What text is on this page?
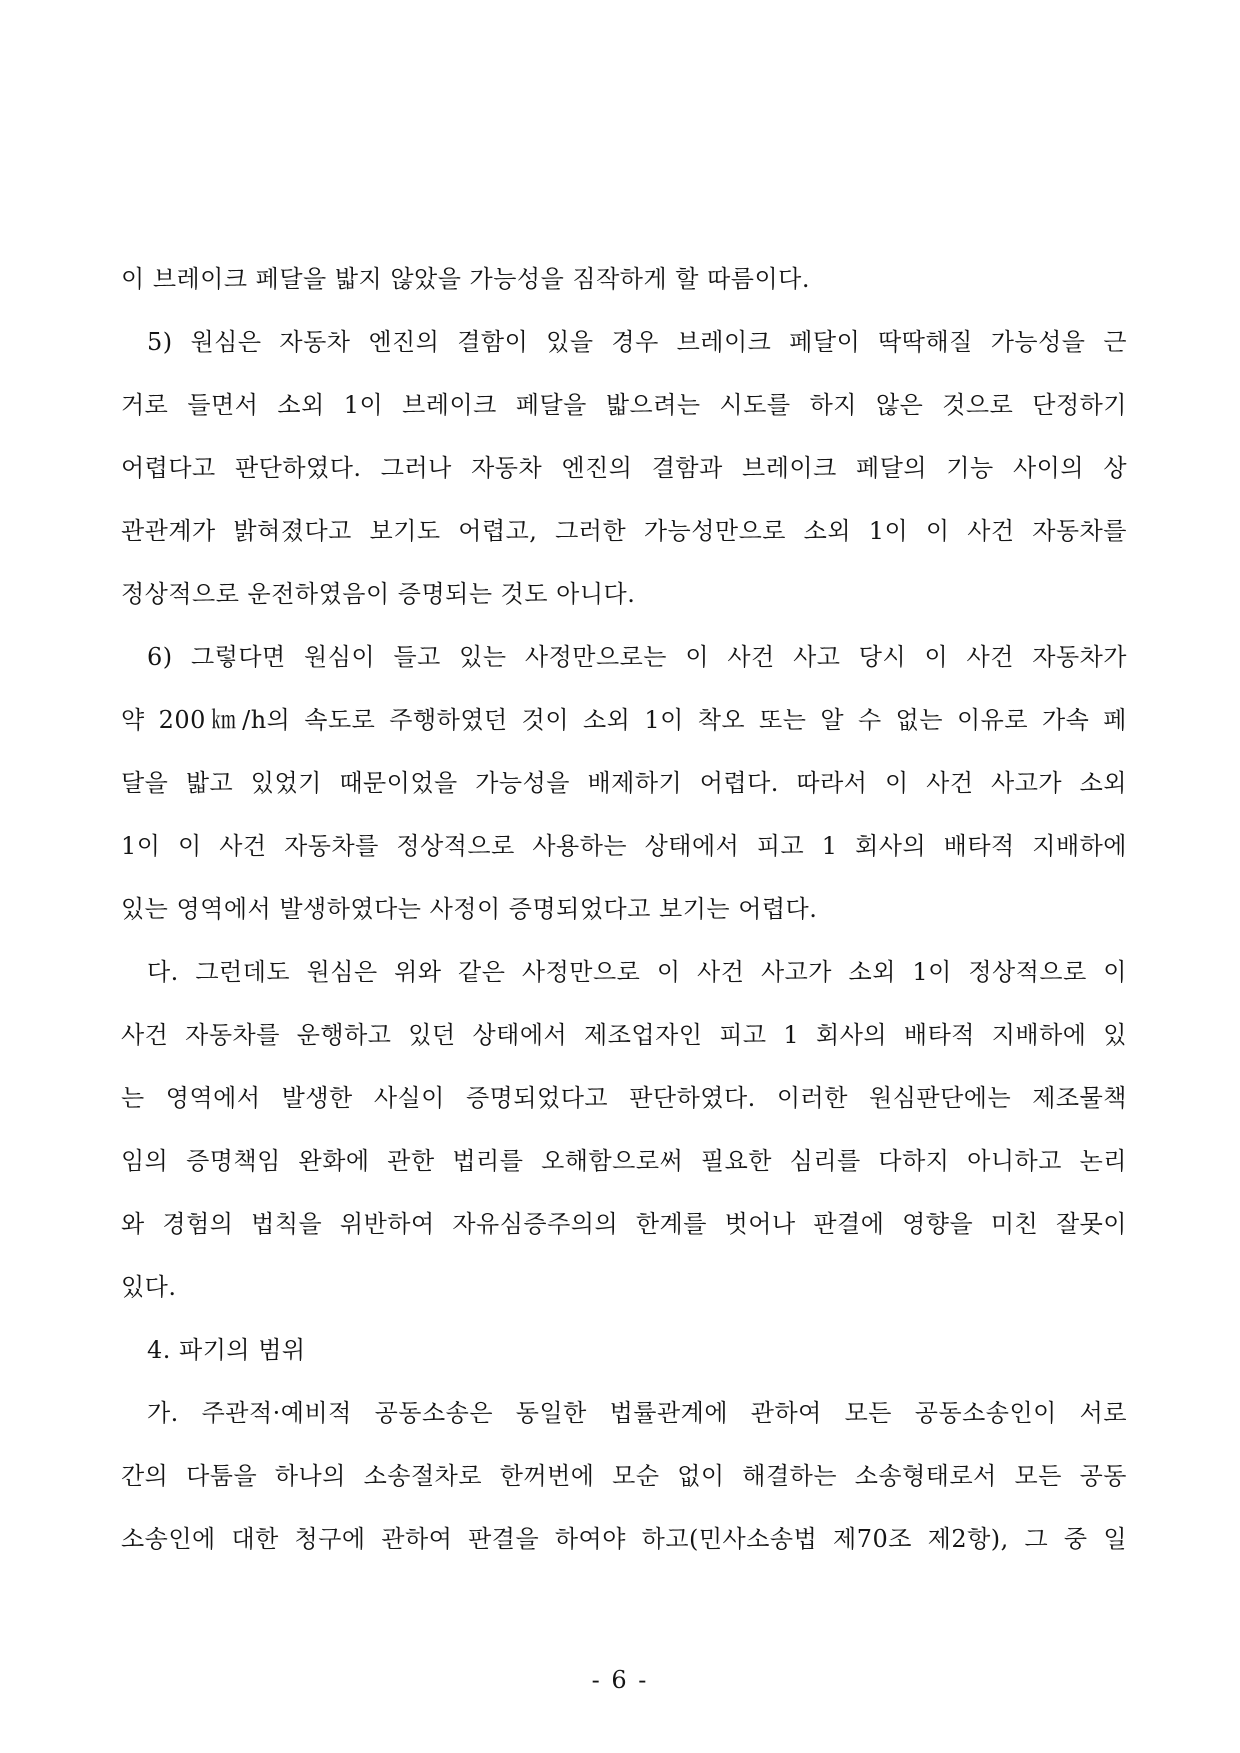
이 브레이크 페달을 밟지 않았을 가능성을 짐작하게 할 따름이다.
5) 원심은 자동차 엔진의 결함이 있을 경우 브레이크 페달이 딱딱해질 가능성을 근
거로 들면서 소외 1이 브레이크 페달을 밟으려는 시도를 하지 않은 것으로 단정하기
어렵다고 판단하였다. 그러나 자동차 엔진의 결함과 브레이크 페달의 기능 사이의 상
관관계가 밝혀졌다고 보기도 어렵고, 그러한 가능성만으로 소외 1이 이 사건 자동차를
정상적으로 운전하였음이 증명되는 것도 아니다.
6) 그렇다면 원심이 들고 있는 사정만으로는 이 사건 사고 당시 이 사건 자동차가
약 200㎞/h의 속도로 주행하였던 것이 소외 1이 착오 또는 알 수 없는 이유로 가속 페
달을 밟고 있었기 때문이었을 가능성을 배제하기 어렵다. 따라서 이 사건 사고가 소외
1이 이 사건 자동차를 정상적으로 사용하는 상태에서 피고 1 회사의 배타적 지배하에
있는 영역에서 발생하였다는 사정이 증명되었다고 보기는 어렵다.
다. 그런데도 원심은 위와 같은 사정만으로 이 사건 사고가 소외 1이 정상적으로 이
사건 자동차를 운행하고 있던 상태에서 제조업자인 피고 1 회사의 배타적 지배하에 있
는 영역에서 발생한 사실이 증명되었다고 판단하였다. 이러한 원심판단에는 제조물책
임의 증명책임 완화에 관한 법리를 오해함으로써 필요한 심리를 다하지 아니하고 논리
와 경험의 법칙을 위반하여 자유심증주의의 한계를 벗어나 판결에 영향을 미친 잘못이
있다.
4. 파기의 범위
가. 주관적·예비적 공동소송은 동일한 법률관계에 관하여 모든 공동소송인이 서로
간의 다툼을 하나의 소송절차로 한꺼번에 모순 없이 해결하는 소송형태로서 모든 공동
소송인에 대한 청구에 관하여 판결을 하여야 하고(민사소송법 제70조 제2항), 그 중 일
- 6 -
